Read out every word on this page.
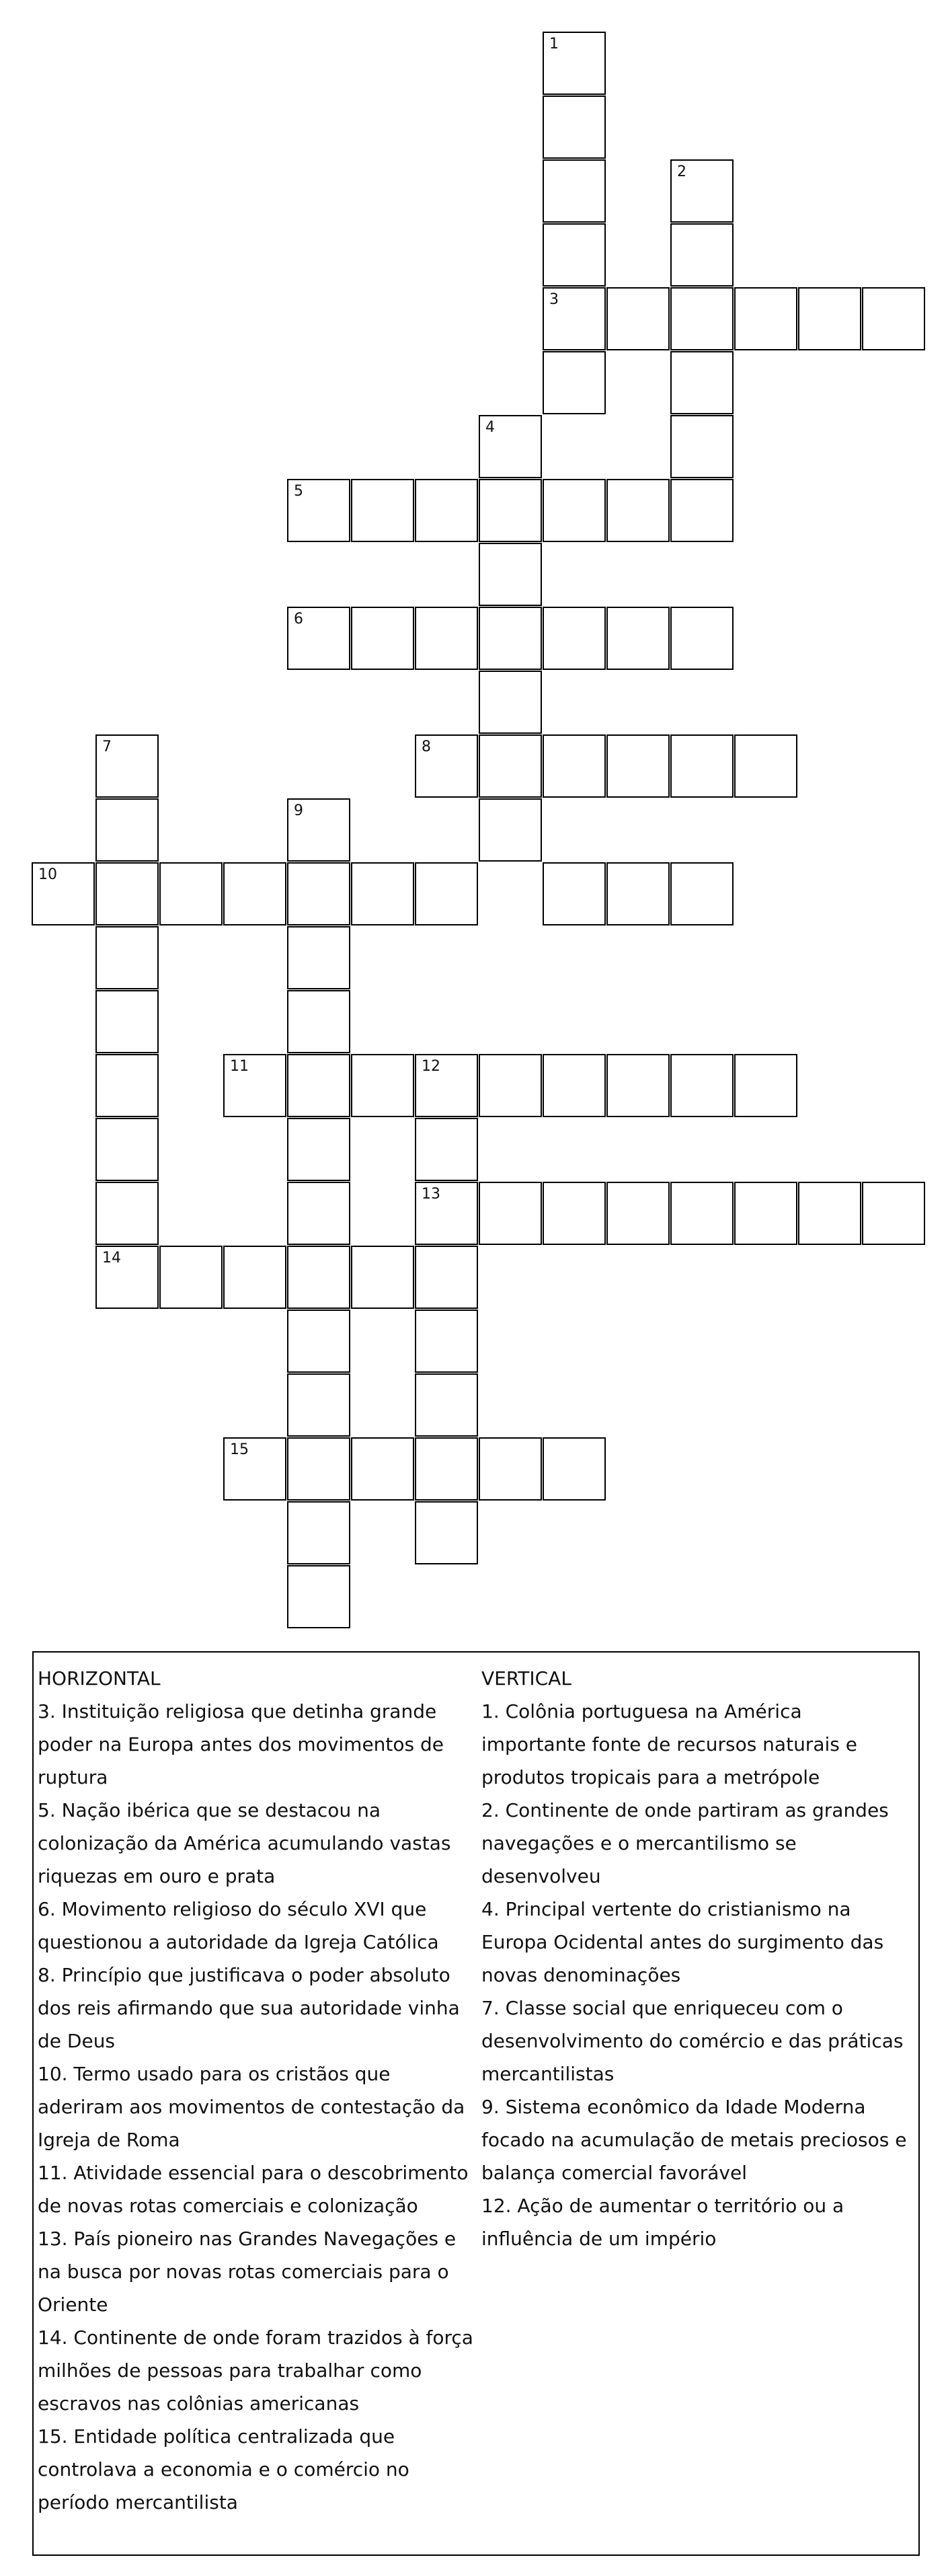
1
3
2
4
5
6
8
10
7
9
11	12
13
14
15

HORIZONTAL

3. Instituição religiosa que detinha grande poder na Europa antes dos movimentos de ruptura

5. Nação ibérica que se destacou na colonização da América acumulando vastas riquezas em ouro e prata

6. Movimento religioso do século XVI que questionou a autoridade da Igreja Católica

8. Princípio que justificava o poder absoluto dos reis afirmando que sua autoridade vinha de Deus

10. Termo usado para os cristãos que aderiram aos movimentos de contestação da Igreja de Roma

11. Atividade essencial para o descobrimento de novas rotas comerciais e colonização

13. País pioneiro nas Grandes Navegações e na busca por novas rotas comerciais para o Oriente

14. Continente de onde foram trazidos à força milhões de pessoas para trabalhar como escravos nas colônias americanas

15. Entidade política centralizada que controlava a economia e o comércio no período mercantilista

VERTICAL

1. Colônia portuguesa na América importante fonte de recursos naturais e produtos tropicais para a metrópole

2. Continente de onde partiram as grandes navegações e o mercantilismo se desenvolveu

4. Principal vertente do cristianismo na Europa Ocidental antes do surgimento das novas denominações

7. Classe social que enriqueceu com o desenvolvimento do comércio e das práticas mercantilistas

9. Sistema econômico da Idade Moderna focado na acumulação de metais preciosos e balança comercial favorável

12. Ação de aumentar o território ou a influência de um império
